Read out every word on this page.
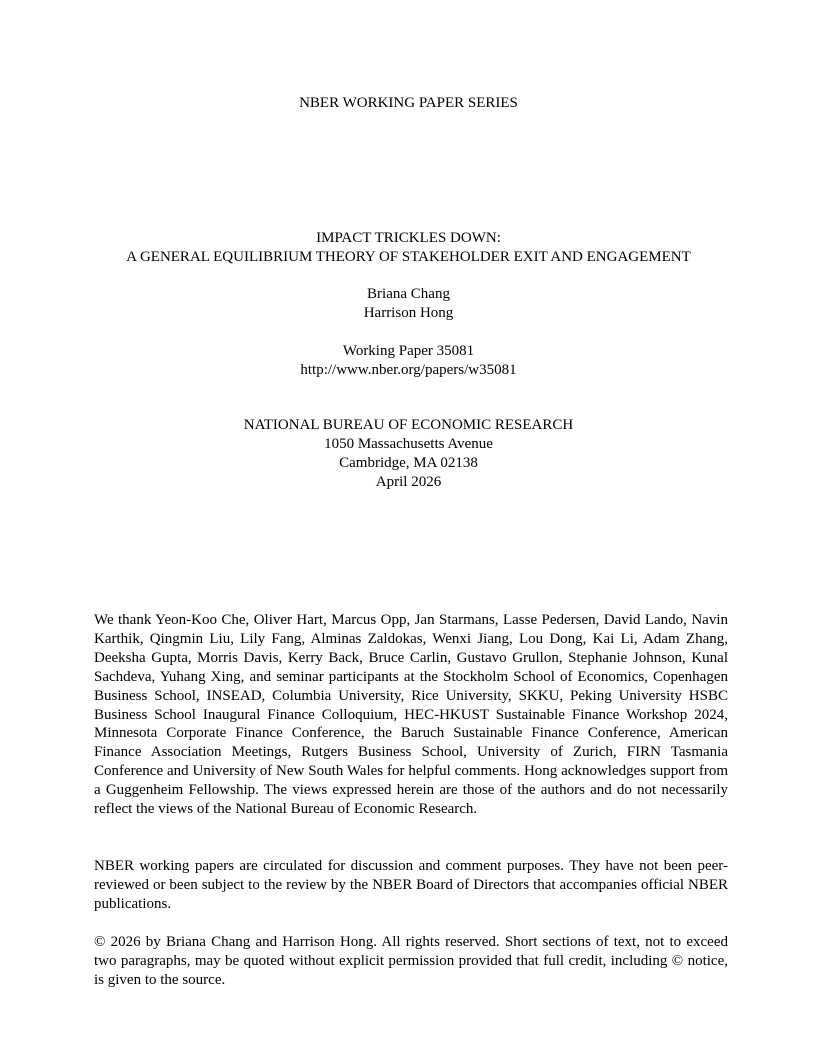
NBER WORKING PAPER SERIES
IMPACT TRICKLES DOWN:
A GENERAL EQUILIBRIUM THEORY OF STAKEHOLDER EXIT AND ENGAGEMENT
Briana Chang
Harrison Hong
Working Paper 35081
http://www.nber.org/papers/w35081
NATIONAL BUREAU OF ECONOMIC RESEARCH
1050 Massachusetts Avenue
Cambridge, MA 02138
April 2026

We thank Yeon-Koo Che, Oliver Hart, Marcus Opp, Jan Starmans, Lasse Pedersen, David Lando, Navin Karthik, Qingmin Liu, Lily Fang, Alminas Zaldokas, Wenxi Jiang, Lou Dong, Kai Li, Adam Zhang, Deeksha Gupta, Morris Davis, Kerry Back, Bruce Carlin, Gustavo Grullon, Stephanie Johnson, Kunal Sachdeva, Yuhang Xing, and seminar participants at the Stockholm School of Economics, Copenhagen Business School, INSEAD, Columbia University, Rice University, SKKU, Peking University HSBC Business School Inaugural Finance Colloquium, HEC-HKUST Sustainable Finance Workshop 2024, Minnesota Corporate Finance Conference, the Baruch Sustainable Finance Conference, American Finance Association Meetings, Rutgers Business School, University of Zurich, FIRN Tasmania Conference and University of New South Wales for helpful comments. Hong acknowledges support from a Guggenheim Fellowship. The views expressed herein are those of the authors and do not necessarily reflect the views of the National Bureau of Economic Research.

NBER working papers are circulated for discussion and comment purposes. They have not been peer-reviewed or been subject to the review by the NBER Board of Directors that accompanies official NBER publications.

© 2026 by Briana Chang and Harrison Hong. All rights reserved. Short sections of text, not to exceed two paragraphs, may be quoted without explicit permission provided that full credit, including © notice, is given to the source.
